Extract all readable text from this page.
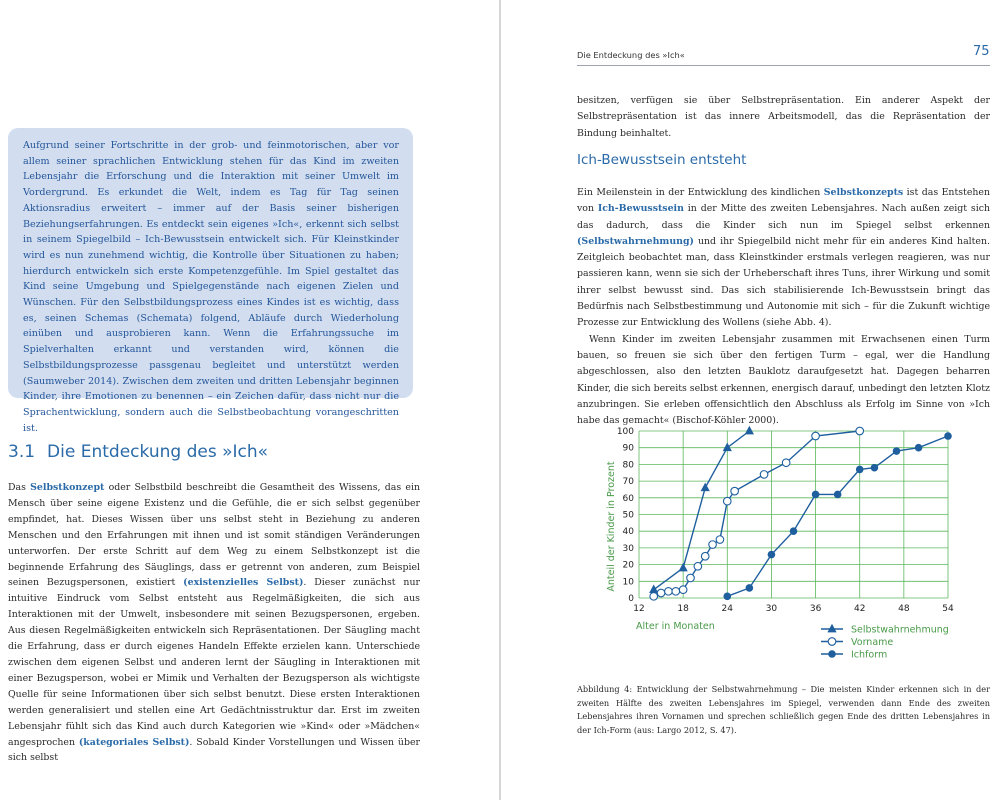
Aufgrund seiner Fortschritte in der grob- und feinmotorischen, aber vor allem seiner sprachlichen Entwicklung stehen für das Kind im zweiten Lebensjahr die Erforschung und die Interaktion mit seiner Umwelt im Vordergrund. Es erkundet die Welt, indem es Tag für Tag seinen Aktionsradius erweitert – immer auf der Basis seiner bisherigen Beziehungserfahrungen. Es entdeckt sein eigenes »Ich«, erkennt sich selbst in seinem Spiegelbild – Ich-Bewusstsein entwickelt sich. Für Kleinstkinder wird es nun zunehmend wichtig, die Kontrolle über Situationen zu haben; hierdurch entwickeln sich erste Kompetenzgefühle. Im Spiel gestaltet das Kind seine Umgebung und Spielgegenstände nach eigenen Zielen und Wünschen. Für den Selbstbildungsprozess eines Kindes ist es wichtig, dass es, seinen Schemas (Schemata) folgend, Abläufe durch Wiederholung einüben und ausprobieren kann. Wenn die Erfahrungssuche im Spielverhalten erkannt und verstanden wird, können die Selbstbildungsprozesse passgenau begleitet und unterstützt werden (Saumweber 2014). Zwischen dem zweiten und dritten Lebensjahr beginnen Kinder, ihre Emotionen zu benennen – ein Zeichen dafür, dass nicht nur die Sprachentwicklung, sondern auch die Selbstbeobachtung vorangeschritten ist.

3.1 Die Entdeckung des »Ich«

Das Selbstkonzept oder Selbstbild beschreibt die Gesamtheit des Wissens, das ein Mensch über seine eigene Existenz und die Gefühle, die er sich selbst gegenüber empfindet, hat. Dieses Wissen über uns selbst steht in Beziehung zu anderen Menschen und den Erfahrungen mit ihnen und ist somit ständigen Veränderungen unterworfen. Der erste Schritt auf dem Weg zu einem Selbstkonzept ist die beginnende Erfahrung des Säuglings, dass er getrennt von anderen, zum Beispiel seinen Bezugspersonen, existiert (existenzielles Selbst). Dieser zunächst nur intuitive Eindruck vom Selbst entsteht aus Regelmäßigkeiten, die sich aus Interaktionen mit der Umwelt, insbesondere mit seinen Bezugspersonen, ergeben. Aus diesen Regelmäßigkeiten entwickeln sich Repräsentationen. Der Säugling macht die Erfahrung, dass er durch eigenes Handeln Effekte erzielen kann. Unterschiede zwischen dem eigenen Selbst und anderen lernt der Säugling in Interaktionen mit einer Bezugsperson, wobei er Mimik und Verhalten der Bezugsperson als wichtigste Quelle für seine Informationen über sich selbst benutzt. Diese ersten Interaktionen werden generalisiert und stellen eine Art Gedächtnisstruktur dar. Erst im zweiten Lebensjahr fühlt sich das Kind auch durch Kategorien wie »Kind« oder »Mädchen« angesprochen (kategoriales Selbst). Sobald Kinder Vorstellungen und Wissen über sich selbst

Die Entdeckung des »Ich«	75

besitzen, verfügen sie über Selbstrepräsentation. Ein anderer Aspekt der Selbstrepräsentation ist das innere Arbeitsmodell, das die Repräsentation der Bindung beinhaltet.

Ich-Bewusstsein entsteht

Ein Meilenstein in der Entwicklung des kindlichen Selbstkonzepts ist das Entstehen von Ich-Bewusstsein in der Mitte des zweiten Lebensjahres. Nach außen zeigt sich das dadurch, dass die Kinder sich nun im Spiegel selbst erkennen (Selbstwahrnehmung) und ihr Spiegelbild nicht mehr für ein anderes Kind halten. Zeitgleich beobachtet man, dass Kleinstkinder erstmals verlegen reagieren, was nur passieren kann, wenn sie sich der Urheberschaft ihres Tuns, ihrer Wirkung und somit ihrer selbst bewusst sind. Das sich stabilisierende Ich-Bewusstsein bringt das Bedürfnis nach Selbstbestimmung und Autonomie mit sich – für die Zukunft wichtige Prozesse zur Entwicklung des Wollens (siehe Abb. 4).

Wenn Kinder im zweiten Lebensjahr zusammen mit Erwachsenen einen Turm bauen, so freuen sie sich über den fertigen Turm – egal, wer die Handlung abgeschlossen, also den letzten Bauklotz daraufgesetzt hat. Dagegen beharren Kinder, die sich bereits selbst erkennen, energisch darauf, unbedingt den letzten Klotz anzubringen. Sie erleben offensichtlich den Abschluss als Erfolg im Sinne von »Ich habe das gemacht« (Bischof-Köhler 2000).

0
10
20
30
40
50
60
70
80
90
100
12	18	24	30	36	42	48	54
Alter in Monaten
Anteil der Kinder in Prozent
Selbstwahrnehmung
Vorname
Ichform

Abbildung 4: Entwicklung der Selbstwahrnehmung – Die meisten Kinder erkennen sich in der zweiten Hälfte des zweiten Lebensjahres im Spiegel, verwenden dann Ende des zweiten Lebensjahres ihren Vornamen und sprechen schließlich gegen Ende des dritten Lebensjahres in der Ich-Form (aus: Largo 2012, S. 47).
